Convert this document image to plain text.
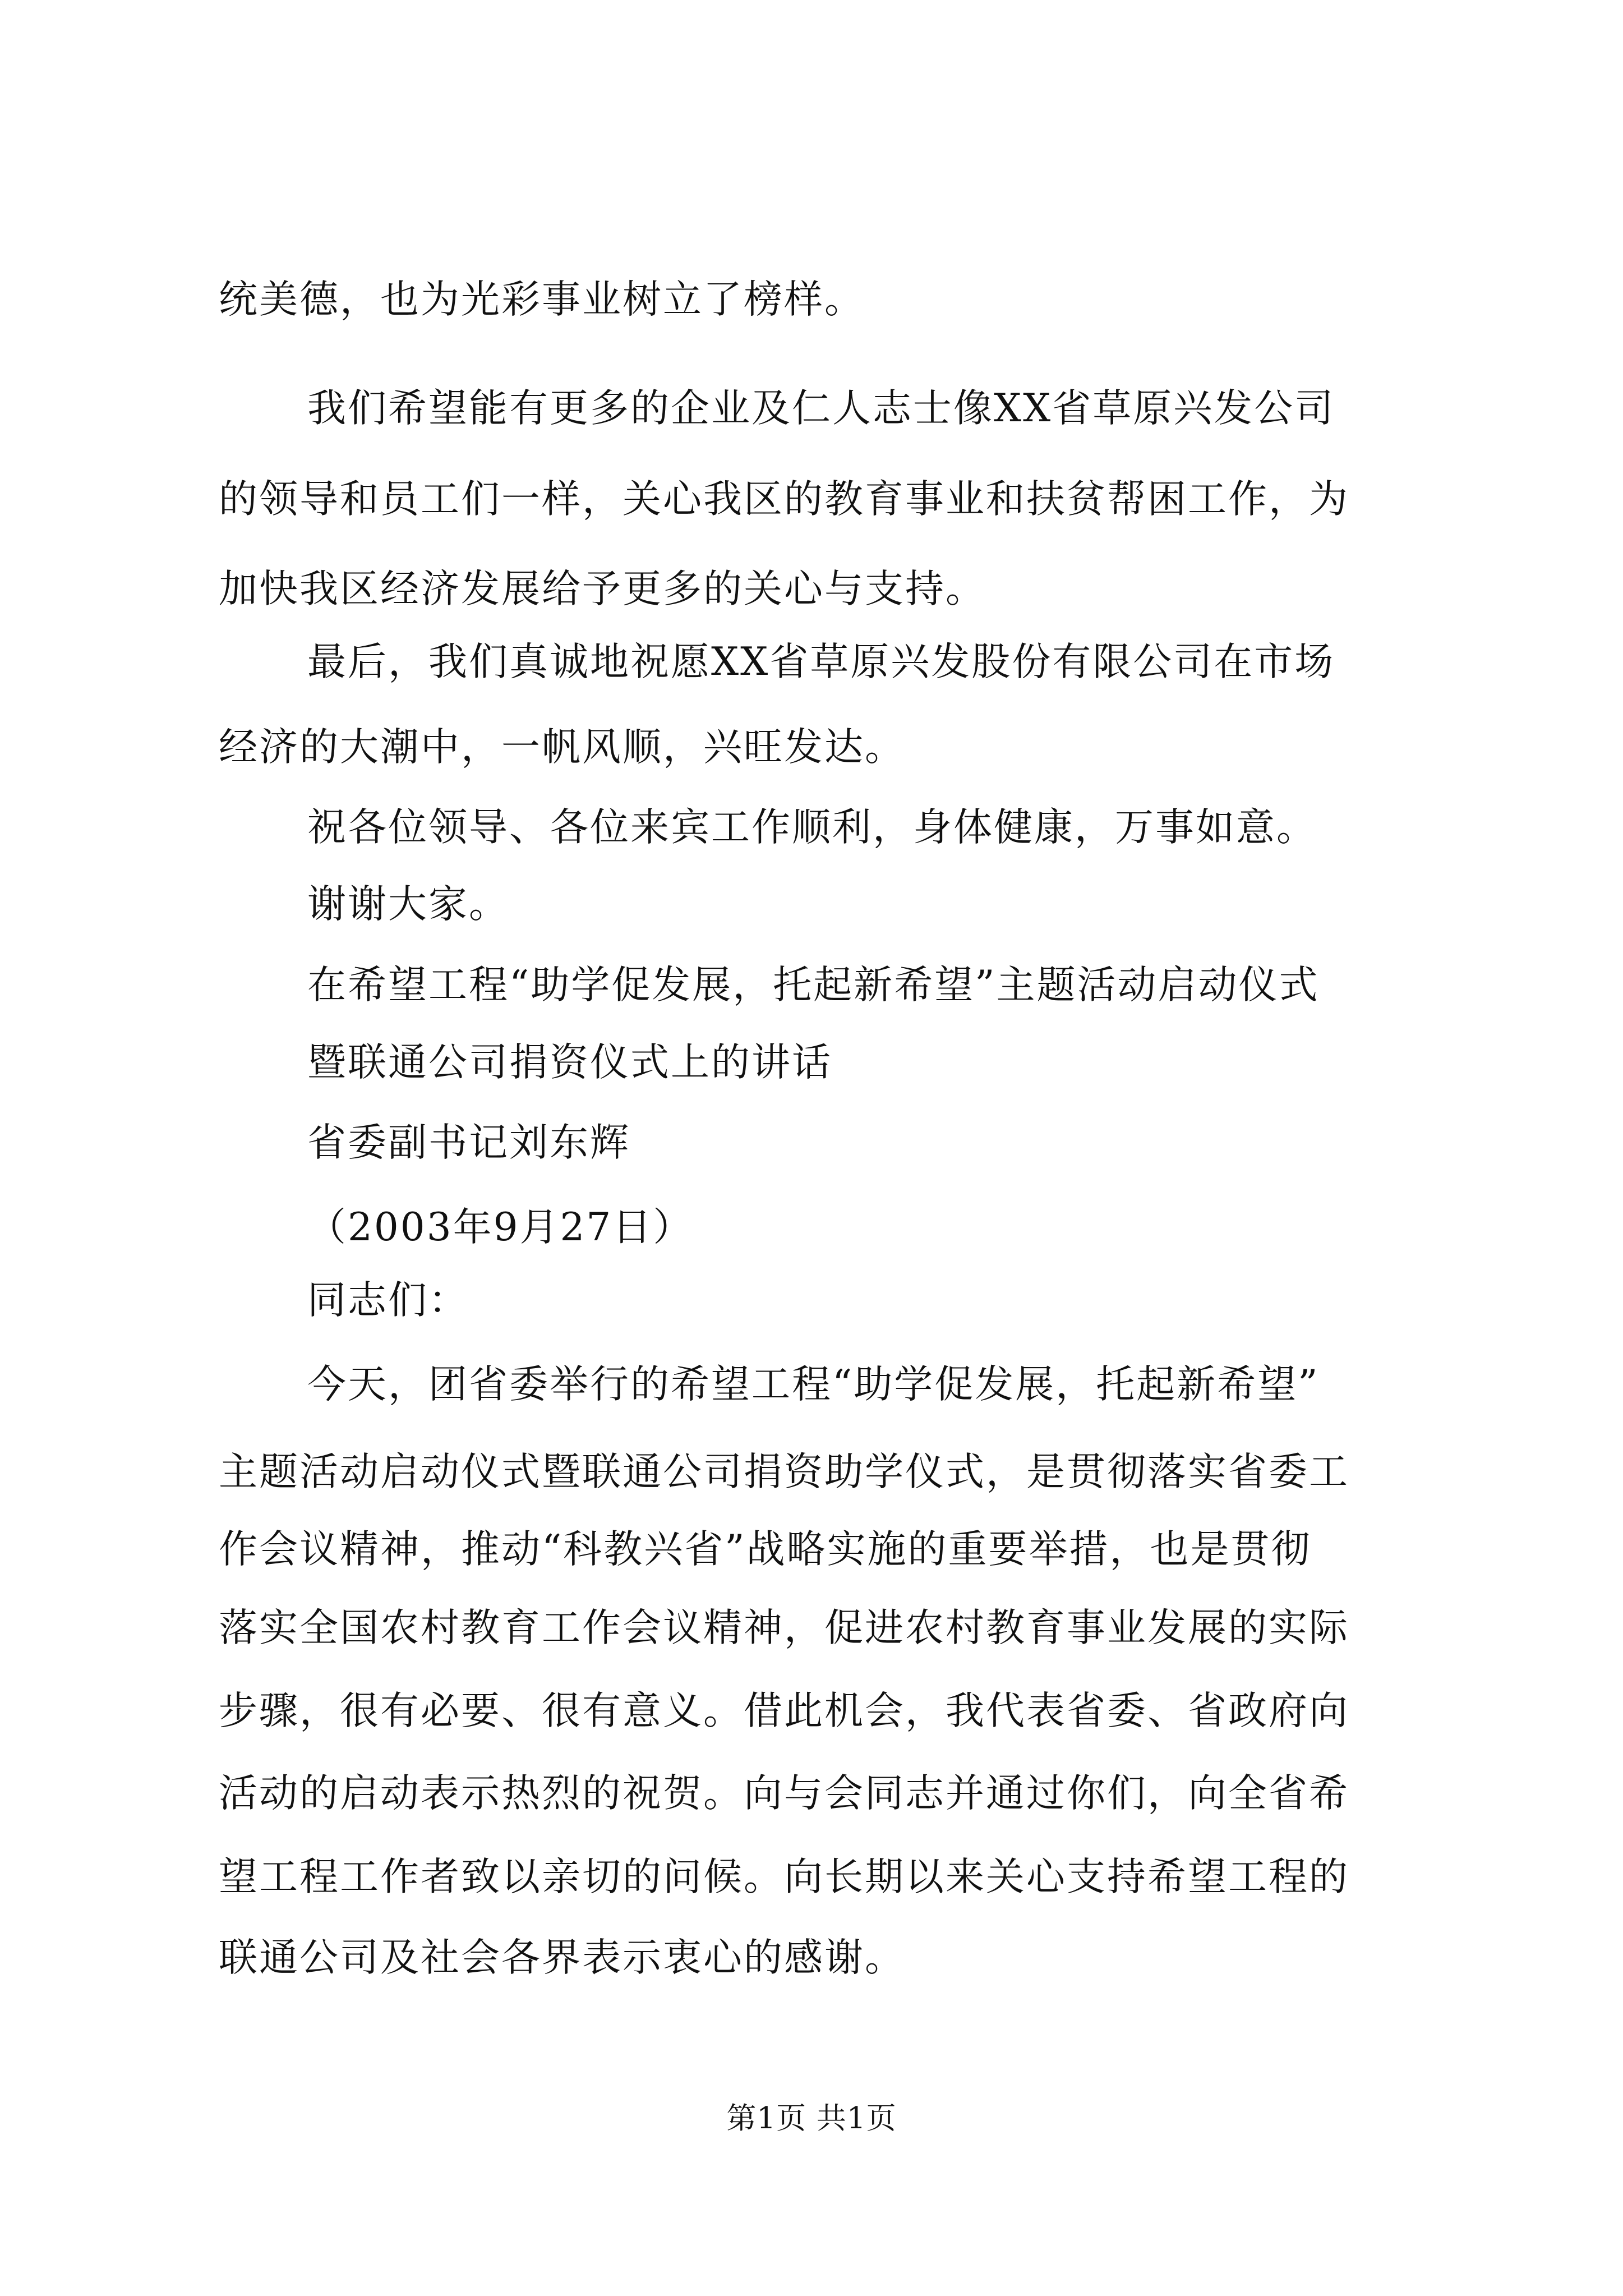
统美德，也为光彩事业树立了榜样。
我们希望能有更多的企业及仁人志士像XX省草原兴发公司
的领导和员工们一样，关心我区的教育事业和扶贫帮困工作，为
加快我区经济发展给予更多的关心与支持。
最后，我们真诚地祝愿XX省草原兴发股份有限公司在市场
经济的大潮中，一帆风顺，兴旺发达。
祝各位领导、各位来宾工作顺利，身体健康，万事如意。
谢谢大家。
在希望工程“助学促发展，托起新希望”主题活动启动仪式
暨联通公司捐资仪式上的讲话
省委副书记刘东辉
（2003年9月27日）
同志们：
今天，团省委举行的希望工程“助学促发展，托起新希望”
主题活动启动仪式暨联通公司捐资助学仪式，是贯彻落实省委工
作会议精神，推动“科教兴省”战略实施的重要举措，也是贯彻
落实全国农村教育工作会议精神，促进农村教育事业发展的实际
步骤，很有必要、很有意义。借此机会，我代表省委、省政府向
活动的启动表示热烈的祝贺。向与会同志并通过你们，向全省希
望工程工作者致以亲切的问候。向长期以来关心支持希望工程的
联通公司及社会各界表示衷心的感谢。
第1页 共1页
